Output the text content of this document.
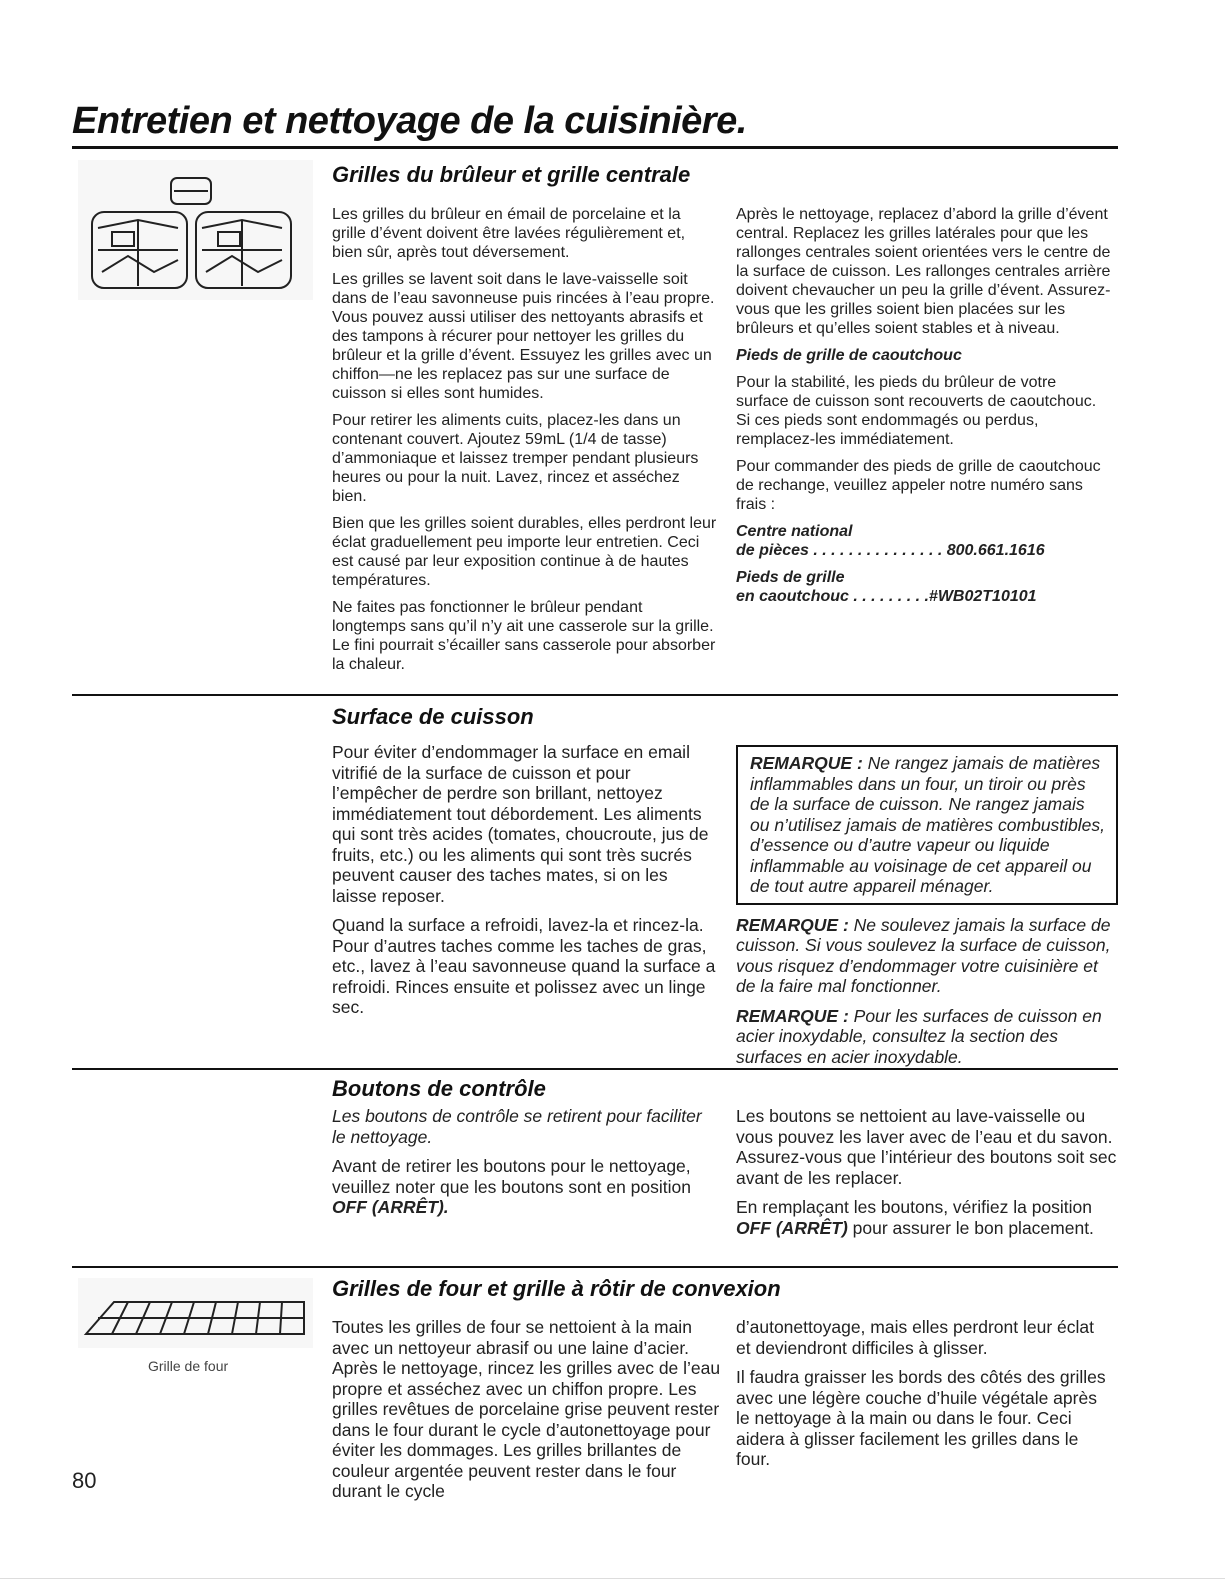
Entretien et nettoyage de la cuisinière.
Grilles du brûleur et grille centrale

Les grilles du brûleur en émail de porcelaine et la grille d’évent doivent être lavées régulièrement et, bien sûr, après tout déversement.

Les grilles se lavent soit dans le lave-vaisselle soit dans de l’eau savonneuse puis rincées à l’eau propre. Vous pouvez aussi utiliser des nettoyants abrasifs et des tampons à récurer pour nettoyer les grilles du brûleur et la grille d’évent. Essuyez les grilles avec un chiffon—ne les replacez pas sur une surface de cuisson si elles sont humides.

Pour retirer les aliments cuits, placez-les dans un contenant couvert. Ajoutez 59mL (1/4 de tasse) d’ammoniaque et laissez tremper pendant plusieurs heures ou pour la nuit. Lavez, rincez et asséchez bien.

Bien que les grilles soient durables, elles perdront leur éclat graduellement peu importe leur entretien. Ceci est causé par leur exposition continue à de hautes températures.

Ne faites pas fonctionner le brûleur pendant longtemps sans qu’il n’y ait une casserole sur la grille. Le fini pourrait s’écailler sans casserole pour absorber la chaleur.

Après le nettoyage, replacez d’abord la grille d’évent central. Replacez les grilles latérales pour que les rallonges centrales soient orientées vers le centre de la surface de cuisson. Les rallonges centrales arrière doivent chevaucher un peu la grille d’évent. Assurez-vous que les grilles soient bien placées sur les brûleurs et qu’elles soient stables et à niveau.

Pieds de grille de caoutchouc

Pour la stabilité, les pieds du brûleur de votre surface de cuisson sont recouverts de caoutchouc. Si ces pieds sont endommagés ou perdus, remplacez-les immédiatement.

Pour commander des pieds de grille de caoutchouc de rechange, veuillez appeler notre numéro sans frais :

Centre national
de pièces . . . . . . . . . . . . . . . 800.661.1616
Pieds de grille
en caoutchouc . . . . . . . . .#WB02T10101
Surface de cuisson

Pour éviter d’endommager la surface en email vitrifié de la surface de cuisson et pour l’empêcher de perdre son brillant, nettoyez immédiatement tout débordement. Les aliments qui sont très acides (tomates, choucroute, jus de fruits, etc.) ou les aliments qui sont très sucrés peuvent causer des taches mates, si on les laisse reposer.

Quand la surface a refroidi, lavez-la et rincez-la. Pour d’autres taches comme les taches de gras, etc., lavez à l’eau savonneuse quand la surface a refroidi. Rinces ensuite et polissez avec un linge sec.

REMARQUE : Ne rangez jamais de matières inflammables dans un four, un tiroir ou près de la surface de cuisson. Ne rangez jamais ou n’utilisez jamais de matières combustibles, d’essence ou d’autre vapeur ou liquide inflammable au voisinage de cet appareil ou de tout autre appareil ménager.

REMARQUE : Ne soulevez jamais la surface de cuisson. Si vous soulevez la surface de cuisson, vous risquez d’endommager votre cuisinière et de la faire mal fonctionner.

REMARQUE : Pour les surfaces de cuisson en acier inoxydable, consultez la section des surfaces en acier inoxydable.

Boutons de contrôle

Les boutons de contrôle se retirent pour faciliter le nettoyage.

Avant de retirer les boutons pour le nettoyage, veuillez noter que les boutons sont en position
OFF (ARRÊT).

Les boutons se nettoient au lave-vaisselle ou vous pouvez les laver avec de l’eau et du savon. Assurez-vous que l’intérieur des boutons soit sec avant de les replacer.

En remplaçant les boutons, vérifiez la position OFF (ARRÊT) pour assurer le bon placement.

Grille de four
Grilles de four et grille à rôtir de convexion

Toutes les grilles de four se nettoient à la main avec un nettoyeur abrasif ou une laine d’acier. Après le nettoyage, rincez les grilles avec de l’eau propre et asséchez avec un chiffon propre. Les grilles revêtues de porcelaine grise peuvent rester dans le four durant le cycle d’autonettoyage pour éviter les dommages. Les grilles brillantes de couleur argentée peuvent rester dans le four durant le cycle

d’autonettoyage, mais elles perdront leur éclat et deviendront difficiles à glisser.

Il faudra graisser les bords des côtés des grilles avec une légère couche d’huile végétale après le nettoyage à la main ou dans le four. Ceci aidera à glisser facilement les grilles dans le four.

80
